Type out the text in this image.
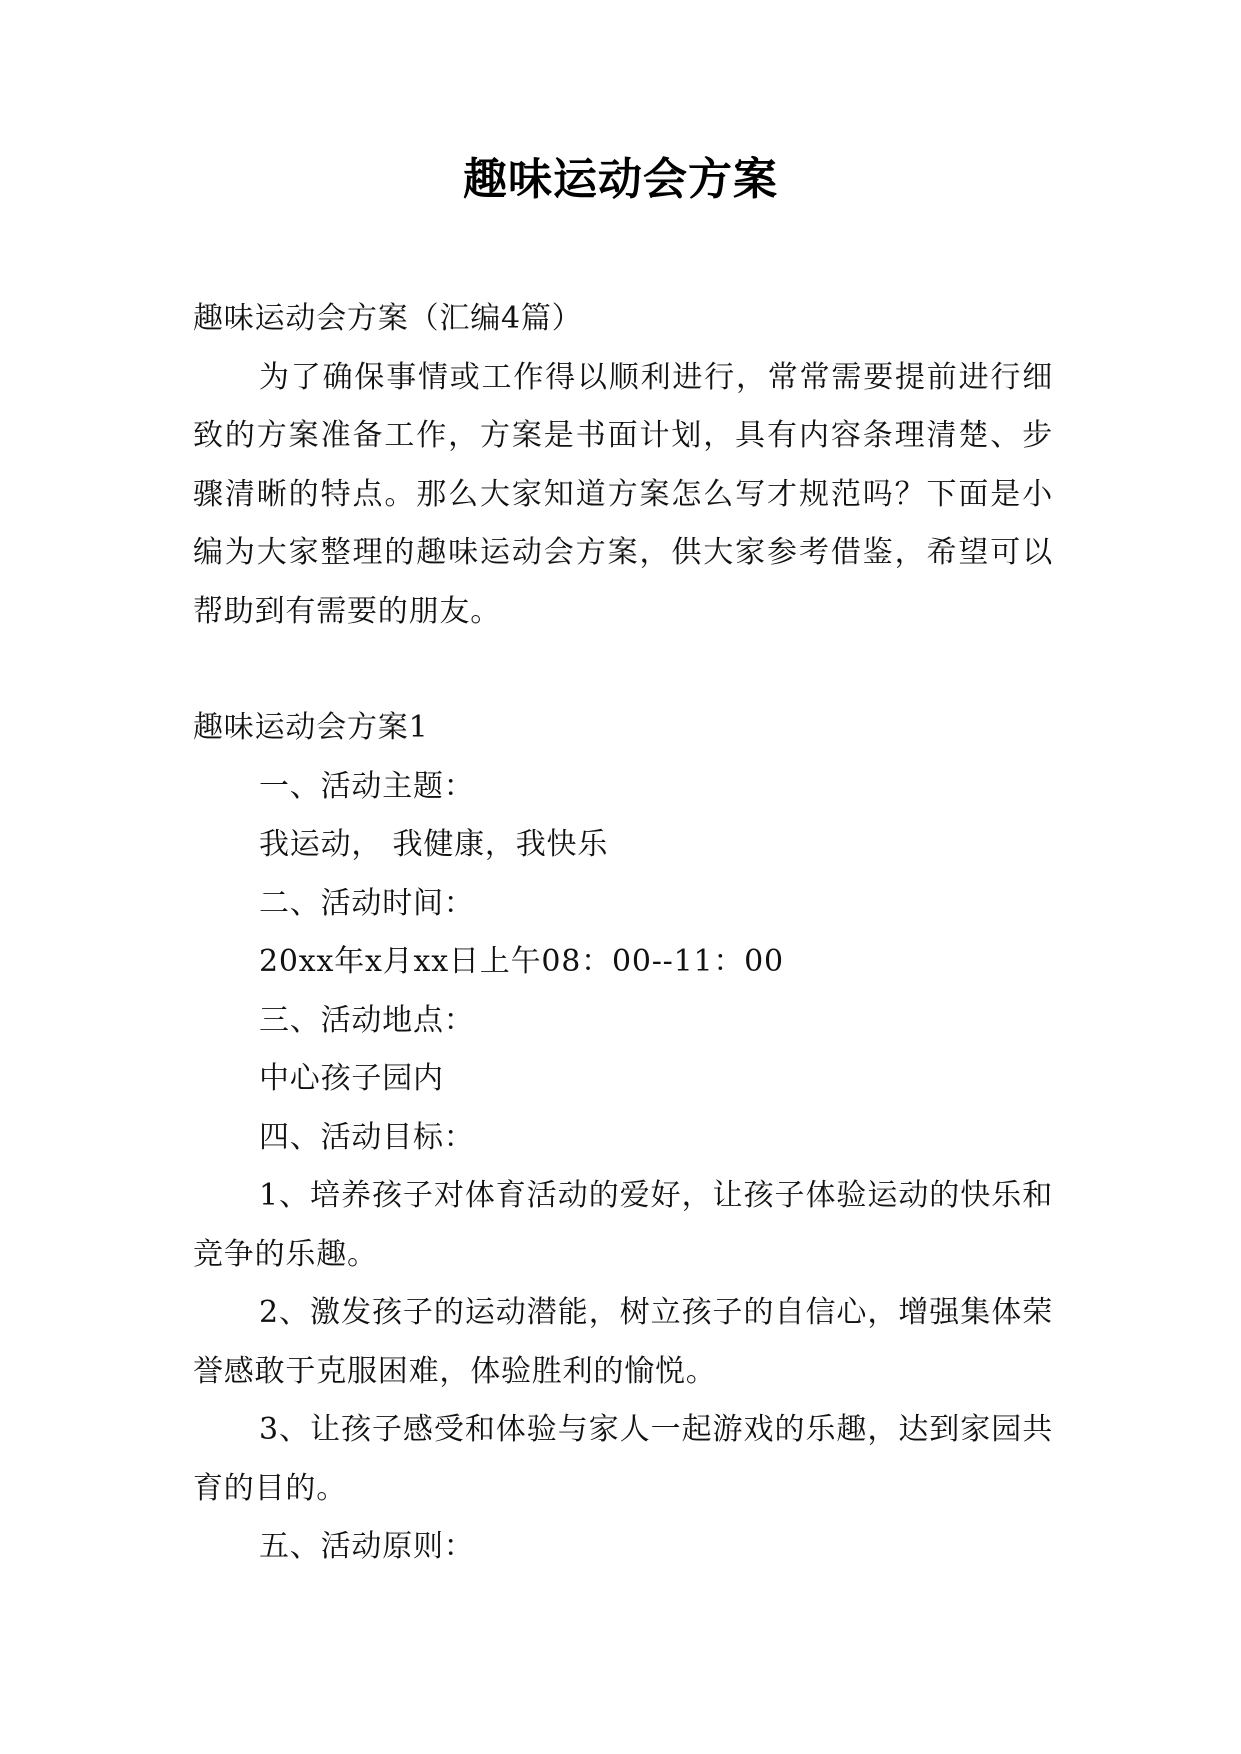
趣味运动会方案

趣味运动会方案（汇编4篇）

为了确保事情或工作得以顺利进行，常常需要提前进行细致的方案准备工作，方案是书面计划，具有内容条理清楚、步骤清晰的特点。那么大家知道方案怎么写才规范吗？下面是小编为大家整理的趣味运动会方案，供大家参考借鉴，希望可以帮助到有需要的朋友。

趣味运动会方案1

一、活动主题：

我运动， 我健康，我快乐

二、活动时间：

20xx年x月xx日上午08：00--11：00

三、活动地点：

中心孩子园内

四、活动目标：

1、培养孩子对体育活动的爱好，让孩子体验运动的快乐和竞争的乐趣。

2、激发孩子的运动潜能，树立孩子的自信心，增强集体荣誉感敢于克服困难，体验胜利的愉悦。

3、让孩子感受和体验与家人一起游戏的乐趣，达到家园共育的目的。

五、活动原则：
